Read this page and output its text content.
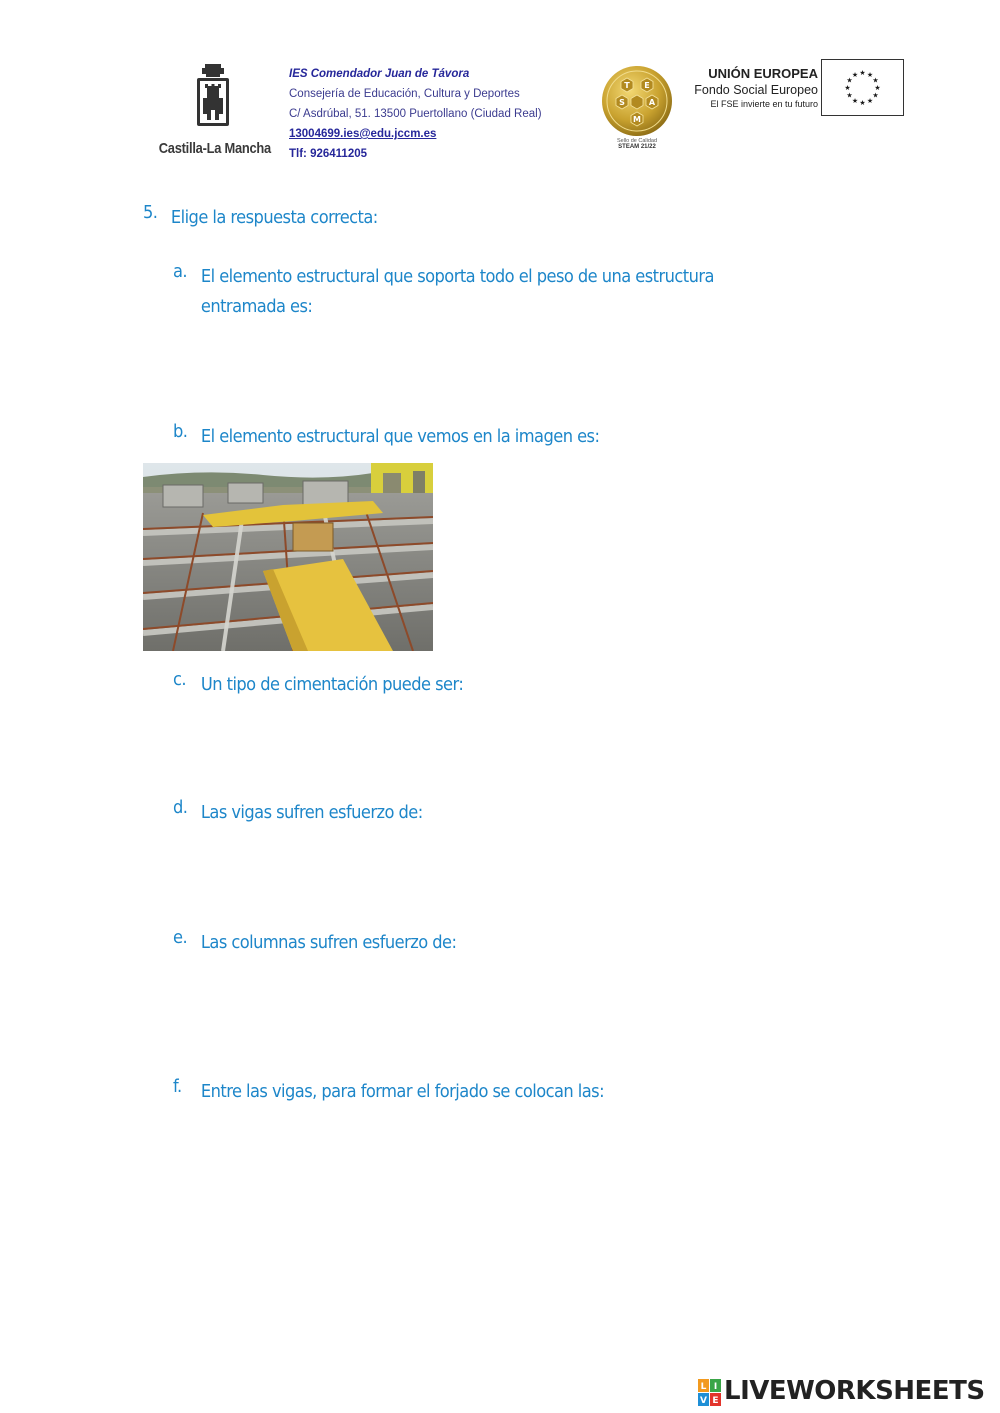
Castilla-La Mancha
IES Comendador Juan de Távora
Consejería de Educación, Cultura y Deportes
C/ Asdrúbal, 51. 13500 Puertollano (Ciudad Real)
13004699.ies@edu.jccm.es
Tlf: 926411205
T E
S	A
M
Sello de Calidad
STEAM 21/22
UNIÓN EUROPEA
Fondo Social Europeo
El FSE invierte en tu futuro
★ ★
★
★
★
★
★
★
★
★
★
★
5. Elige la respuesta correcta:
a. El elemento estructural que soporta todo el peso de una estructura
entramada es:
b. El elemento estructural que vemos en la imagen es:
c. Un tipo de cimentación puede ser:
d. Las vigas sufren esfuerzo de:
e. Las columnas sufren esfuerzo de:
f. Entre las vigas, para formar el forjado se colocan las:
L I
V E LIVEWORKSHEETS
